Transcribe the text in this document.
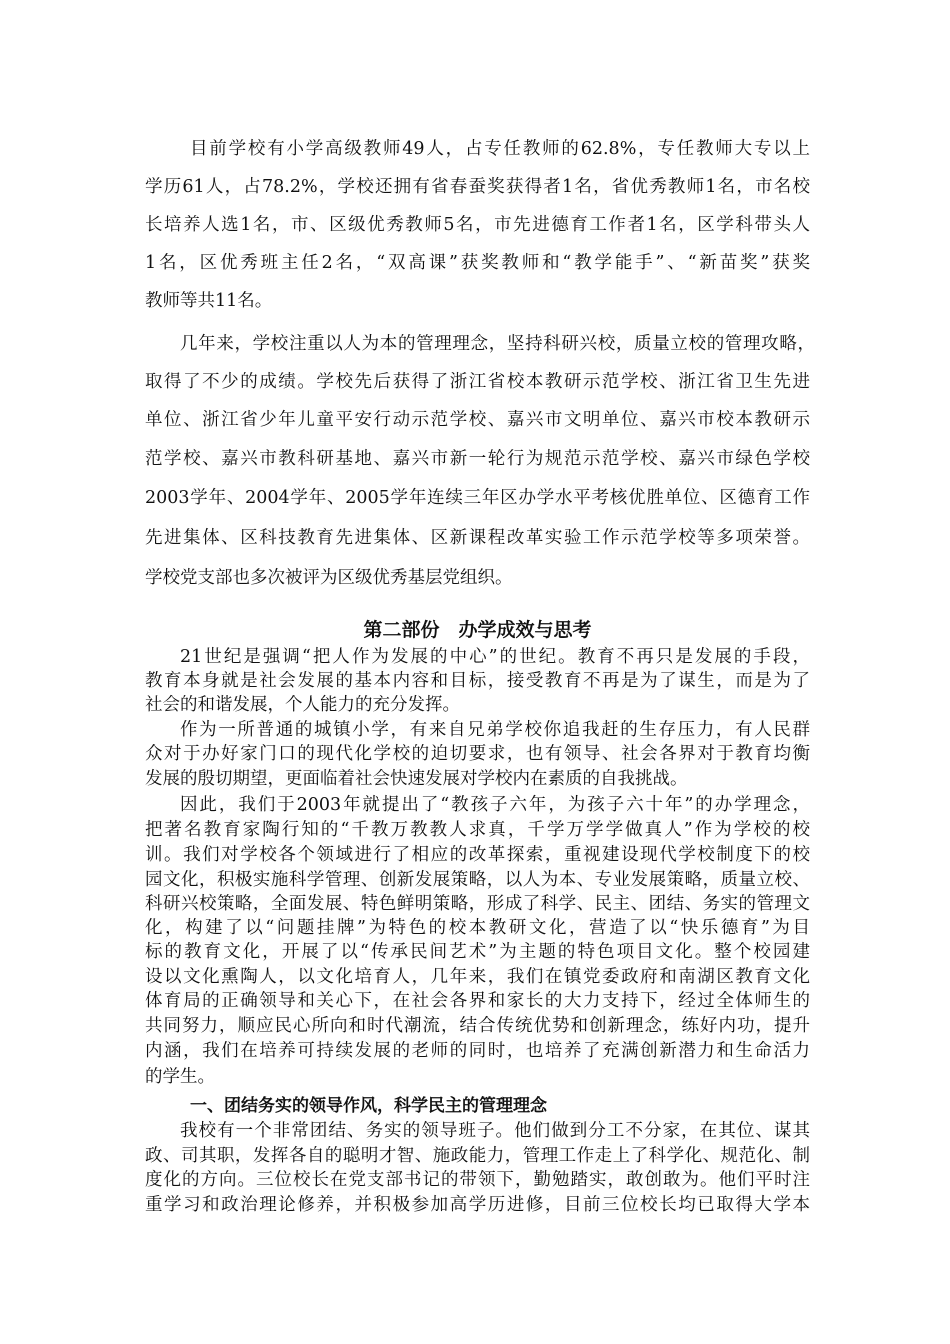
目前学校有小学高级教师49人，占专任教师的62.8%，专任教师大专以上
学历61人，占78.2%，学校还拥有省春蚕奖获得者1名，省优秀教师1名，市名校
长培养人选1名，市、区级优秀教师5名，市先进德育工作者1名，区学科带头人
1名，区优秀班主任2名，“双高课”获奖教师和“教学能手”、“新苗奖”获奖
教师等共11名。
几年来，学校注重以人为本的管理理念，坚持科研兴校，质量立校的管理攻略，
取得了不少的成绩。学校先后获得了浙江省校本教研示范学校、浙江省卫生先进
单位、浙江省少年儿童平安行动示范学校、嘉兴市文明单位、嘉兴市校本教研示
范学校、嘉兴市教科研基地、嘉兴市新一轮行为规范示范学校、嘉兴市绿色学校
2003学年、2004学年、2005学年连续三年区办学水平考核优胜单位、区德育工作
先进集体、区科技教育先进集体、区新课程改革实验工作示范学校等多项荣誉。
学校党支部也多次被评为区级优秀基层党组织。
第二部份　办学成效与思考
21世纪是强调“把人作为发展的中心”的世纪。教育不再只是发展的手段，
教育本身就是社会发展的基本内容和目标，接受教育不再是为了谋生，而是为了
社会的和谐发展，个人能力的充分发挥。
作为一所普通的城镇小学，有来自兄弟学校你追我赶的生存压力，有人民群
众对于办好家门口的现代化学校的迫切要求，也有领导、社会各界对于教育均衡
发展的殷切期望，更面临着社会快速发展对学校内在素质的自我挑战。
因此，我们于2003年就提出了“教孩子六年，为孩子六十年”的办学理念，
把著名教育家陶行知的“千教万教教人求真，千学万学学做真人”作为学校的校
训。我们对学校各个领域进行了相应的改革探索，重视建设现代学校制度下的校
园文化，积极实施科学管理、创新发展策略，以人为本、专业发展策略，质量立校、
科研兴校策略，全面发展、特色鲜明策略，形成了科学、民主、团结、务实的管理文
化，构建了以“问题挂牌”为特色的校本教研文化，营造了以“快乐德育”为目
标的教育文化，开展了以“传承民间艺术”为主题的特色项目文化。整个校园建
设以文化熏陶人，以文化培育人，几年来，我们在镇党委政府和南湖区教育文化
体育局的正确领导和关心下，在社会各界和家长的大力支持下，经过全体师生的
共同努力，顺应民心所向和时代潮流，结合传统优势和创新理念，练好内功，提升
内涵，我们在培养可持续发展的老师的同时，也培养了充满创新潜力和生命活力
的学生。
一、团结务实的领导作风，科学民主的管理理念
我校有一个非常团结、务实的领导班子。他们做到分工不分家，在其位、谋其
政、司其职，发挥各自的聪明才智、施政能力，管理工作走上了科学化、规范化、制
度化的方向。三位校长在党支部书记的带领下，勤勉踏实，敢创敢为。他们平时注
重学习和政治理论修养，并积极参加高学历进修，目前三位校长均已取得大学本
